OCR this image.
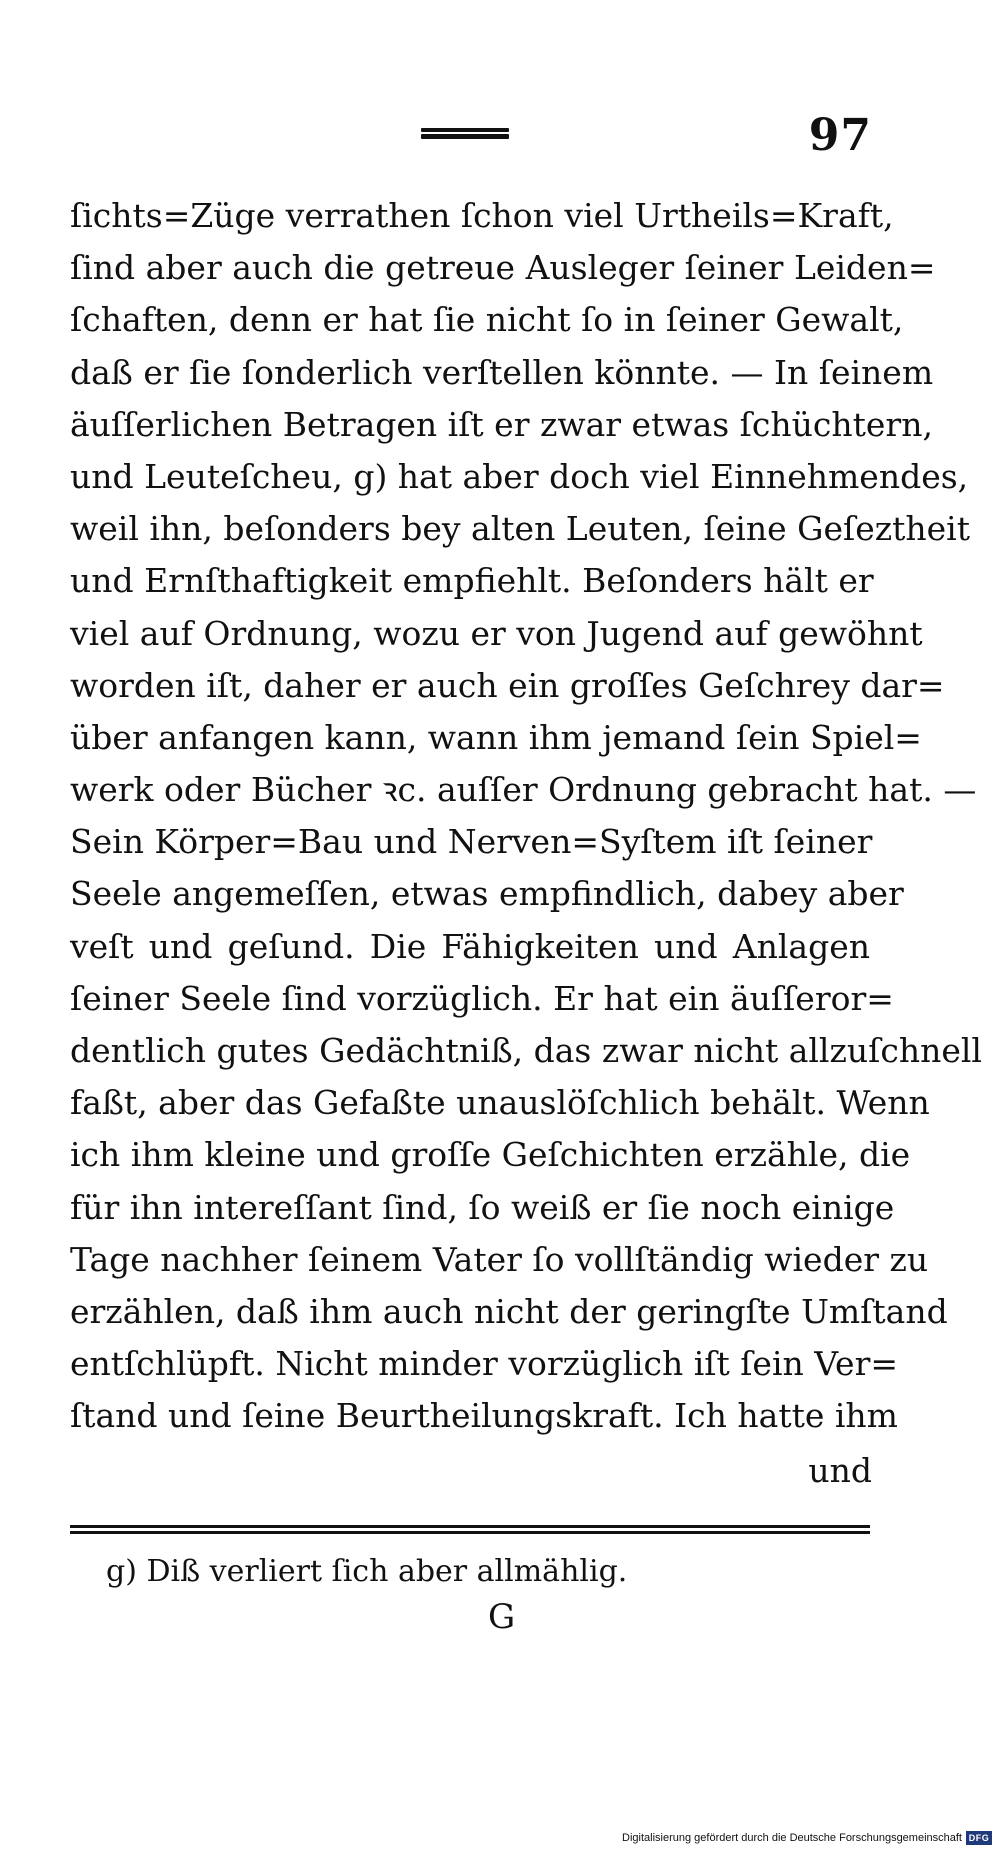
97
ſichts=Züge verrathen ſchon viel Urtheils=Kraft,
ſind aber auch die getreue Ausleger ſeiner Leiden=
ſchaften, denn er hat ſie nicht ſo in ſeiner Gewalt,
daß er ſie ſonderlich verſtellen könnte. — In ſeinem
äuſſerlichen Betragen iſt er zwar etwas ſchüchtern,
und Leuteſcheu, g) hat aber doch viel Einnehmendes,
weil ihn, beſonders bey alten Leuten, ſeine Geſeztheit
und Ernſthaftigkeit empfiehlt. Beſonders hält er
viel auf Ordnung, wozu er von Jugend auf gewöhnt
worden iſt, daher er auch ein groſſes Geſchrey dar=
über anfangen kann, wann ihm jemand ſein Spiel=
werk oder Bücher ꝛc. auſſer Ordnung gebracht hat. —
Sein Körper=Bau und Nerven=Syſtem iſt ſeiner
Seele angemeſſen, etwas empfindlich, dabey aber
veſt und geſund. Die Fähigkeiten und Anlagen
ſeiner Seele ſind vorzüglich. Er hat ein äuſſeror=
dentlich gutes Gedächtniß, das zwar nicht allzuſchnell
faßt, aber das Gefaßte unauslöſchlich behält. Wenn
ich ihm kleine und groſſe Geſchichten erzähle, die
für ihn intereſſant ſind, ſo weiß er ſie noch einige
Tage nachher ſeinem Vater ſo vollſtändig wieder zu
erzählen, daß ihm auch nicht der geringſte Umſtand
entſchlüpft. Nicht minder vorzüglich iſt ſein Ver=
ſtand und ſeine Beurtheilungskraft. Ich hatte ihm
und
g) Diß verliert ſich aber allmählig.
G
Digitalisierung gefördert durch die Deutsche Forschungsgemeinschaft DFG
